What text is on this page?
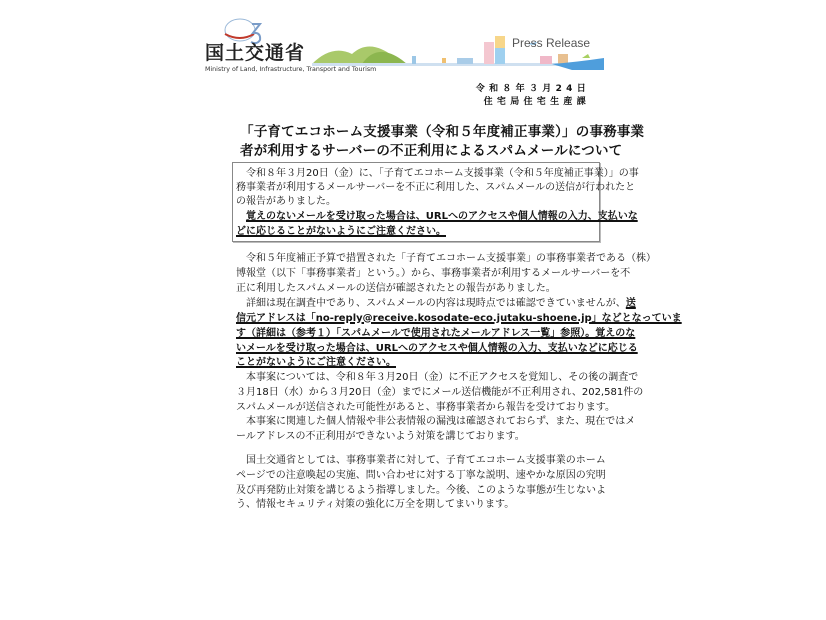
国土交通省
Ministry of Land, Infrastructure, Transport and Tourism
Press Release
令和８年３月24日
住宅局住宅生産課
「子育てエコホーム支援事業（令和５年度補正事業）」の事務事業
者が利用するサーバーの不正利用によるスパムメールについて
　令和８年３月20日（金）に、「子育てエコホーム支援事業（令和５年度補正事業）」の事
務事業者が利用するメールサーバーを不正に利用した、スパムメールの送信が行われたと
の報告がありました。
　覚えのないメールを受け取った場合は、URLへのアクセスや個人情報の入力、支払いな
どに応じることがないようにご注意ください。
　令和５年度補正予算で措置された「子育てエコホーム支援事業」の事務事業者である（株）
博報堂（以下「事務事業者」という。）から、事務事業者が利用するメールサーバーを不
正に利用したスパムメールの送信が確認されたとの報告がありました。
　詳細は現在調査中であり、スパムメールの内容は現時点では確認できていませんが、送
信元アドレスは「no-reply@receive.kosodate-eco.jutaku-shoene.jp」などとなっていま
す（詳細は（参考１）「スパムメールで使用されたメールアドレス一覧」参照）。覚えのな
いメールを受け取った場合は、URLへのアクセスや個人情報の入力、支払いなどに応じる
ことがないようにご注意ください。
　本事案については、令和８年３月20日（金）に不正アクセスを覚知し、その後の調査で
３月18日（水）から３月20日（金）までにメール送信機能が不正利用され、202,581件の
スパムメールが送信された可能性があると、事務事業者から報告を受けております。
　本事案に関連した個人情報や非公表情報の漏洩は確認されておらず、また、現在ではメ
ールアドレスの不正利用ができないよう対策を講じております。
　国土交通省としては、事務事業者に対して、子育てエコホーム支援事業のホーム
ページでの注意喚起の実施、問い合わせに対する丁寧な説明、速やかな原因の究明
及び再発防止対策を講じるよう指導しました。今後、このような事態が生じないよ
う、情報セキュリティ対策の強化に万全を期してまいります。
